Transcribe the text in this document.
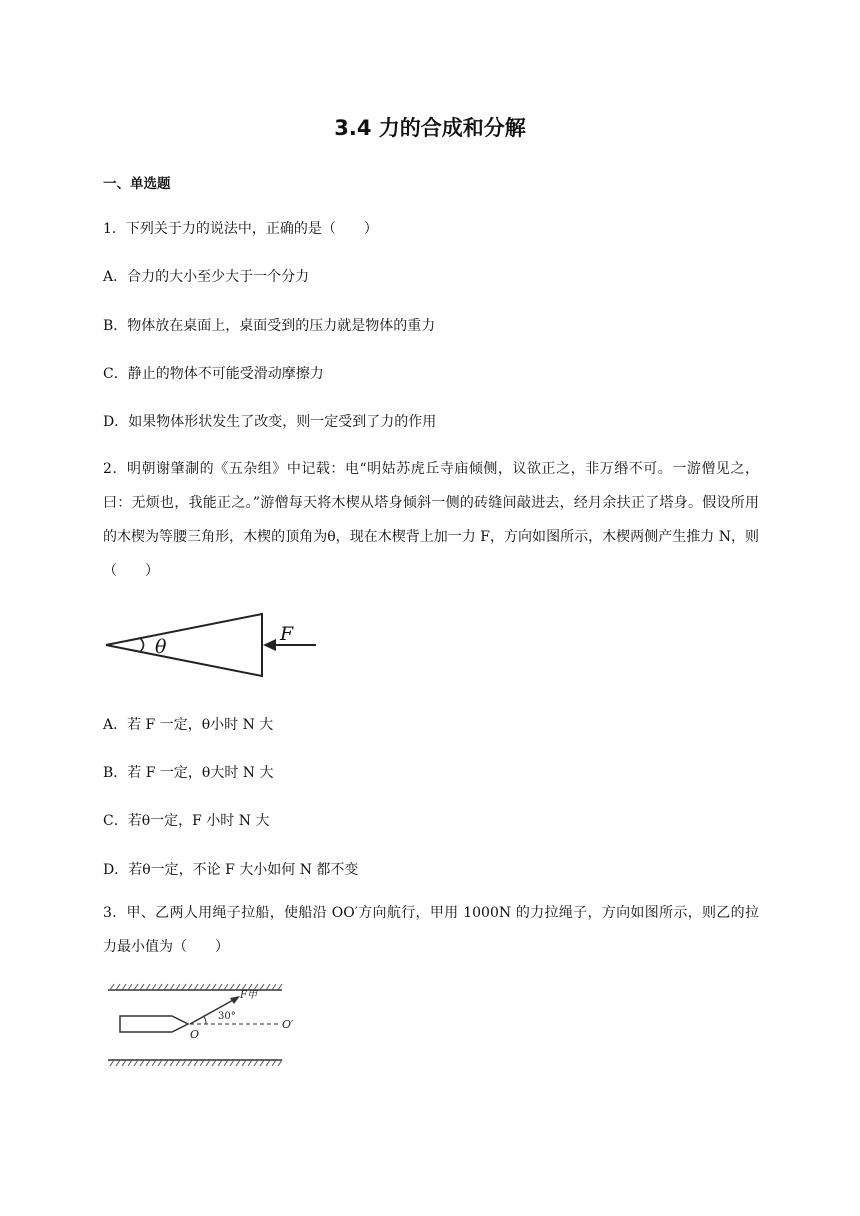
3.4 力的合成和分解
一、单选题
1．下列关于力的说法中，正确的是（　　）
A．合力的大小至少大于一个分力
B．物体放在桌面上，桌面受到的压力就是物体的重力
C．静止的物体不可能受滑动摩擦力
D．如果物体形状发生了改变，则一定受到了力的作用
2．明朝谢肇淛的《五杂组》中记载：电“明姑苏虎丘寺庙倾侧，议欲正之，非万缗不可。一游僧见之，曰：无烦也，我能正之。”游僧每天将木楔从塔身倾斜一侧的砖缝间敲进去，经月余扶正了塔身。假设所用的木楔为等腰三角形，木楔的顶角为θ，现在木楔背上加一力 F，方向如图所示，木楔两侧产生推力 N，则（　　）
θ
F
A．若 F 一定，θ小时 N 大
B．若 F 一定，θ大时 N 大
C．若θ一定，F 小时 N 大
D．若θ一定，不论 F 大小如何 N 都不变
3．甲、乙两人用绳子拉船，使船沿 OO′方向航行，甲用 1000N 的力拉绳子，方向如图所示，则乙的拉力最小值为（　　）
F甲
30°
O
O′
